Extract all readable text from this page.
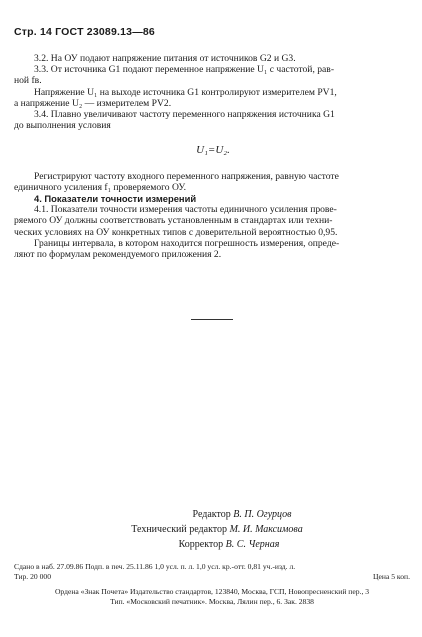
Стр. 14 ГОСТ 23089.13—86

3.2. На ОУ подают напряжение питания от источников G2 и G3.

3.3. От источника G1 подают переменное напряжение U₁ с частотой, рав-

ной fв.

Напряжение U₁ на выходе источника G1 контролируют измерителем PV1,

а напряжение U₂ — измерителем PV2.

3.4. Плавно увеличивают частоту переменного напряжения источника G1

до выполнения условия

U₁=U₂.

Регистрируют частоту входного переменного напряжения, равную частоте

единичного усиления f₁ проверяемого ОУ.

4. Показатели точности измерений

4.1. Показатели точности измерения частоты единичного усиления прове-

ряемого ОУ должны соответствовать установленным в стандартах или техни-

ческих условиях на ОУ конкретных типов с доверительной вероятностью 0,95.

Границы интервала, в котором находится погрешность измерения, опреде-

ляют по формулам рекомендуемого приложения 2.

Редактор В. П. Огурцов
Технический редактор М. И. Максимова
Корректор В. С. Черная
Сдано в наб. 27.09.86 Подп. в печ. 25.11.86 1,0 усл. п. л. 1,0 усл. кр.-отт. 0,81 уч.-изд. л.
Тир. 20 000	Цена 5 коп.
Ордена «Знак Почета» Издательство стандартов, 123840, Москва, ГСП, Новопресненский пер., 3
Тип. «Московский печатник». Москва, Лялин пер., 6. Зак. 2838
